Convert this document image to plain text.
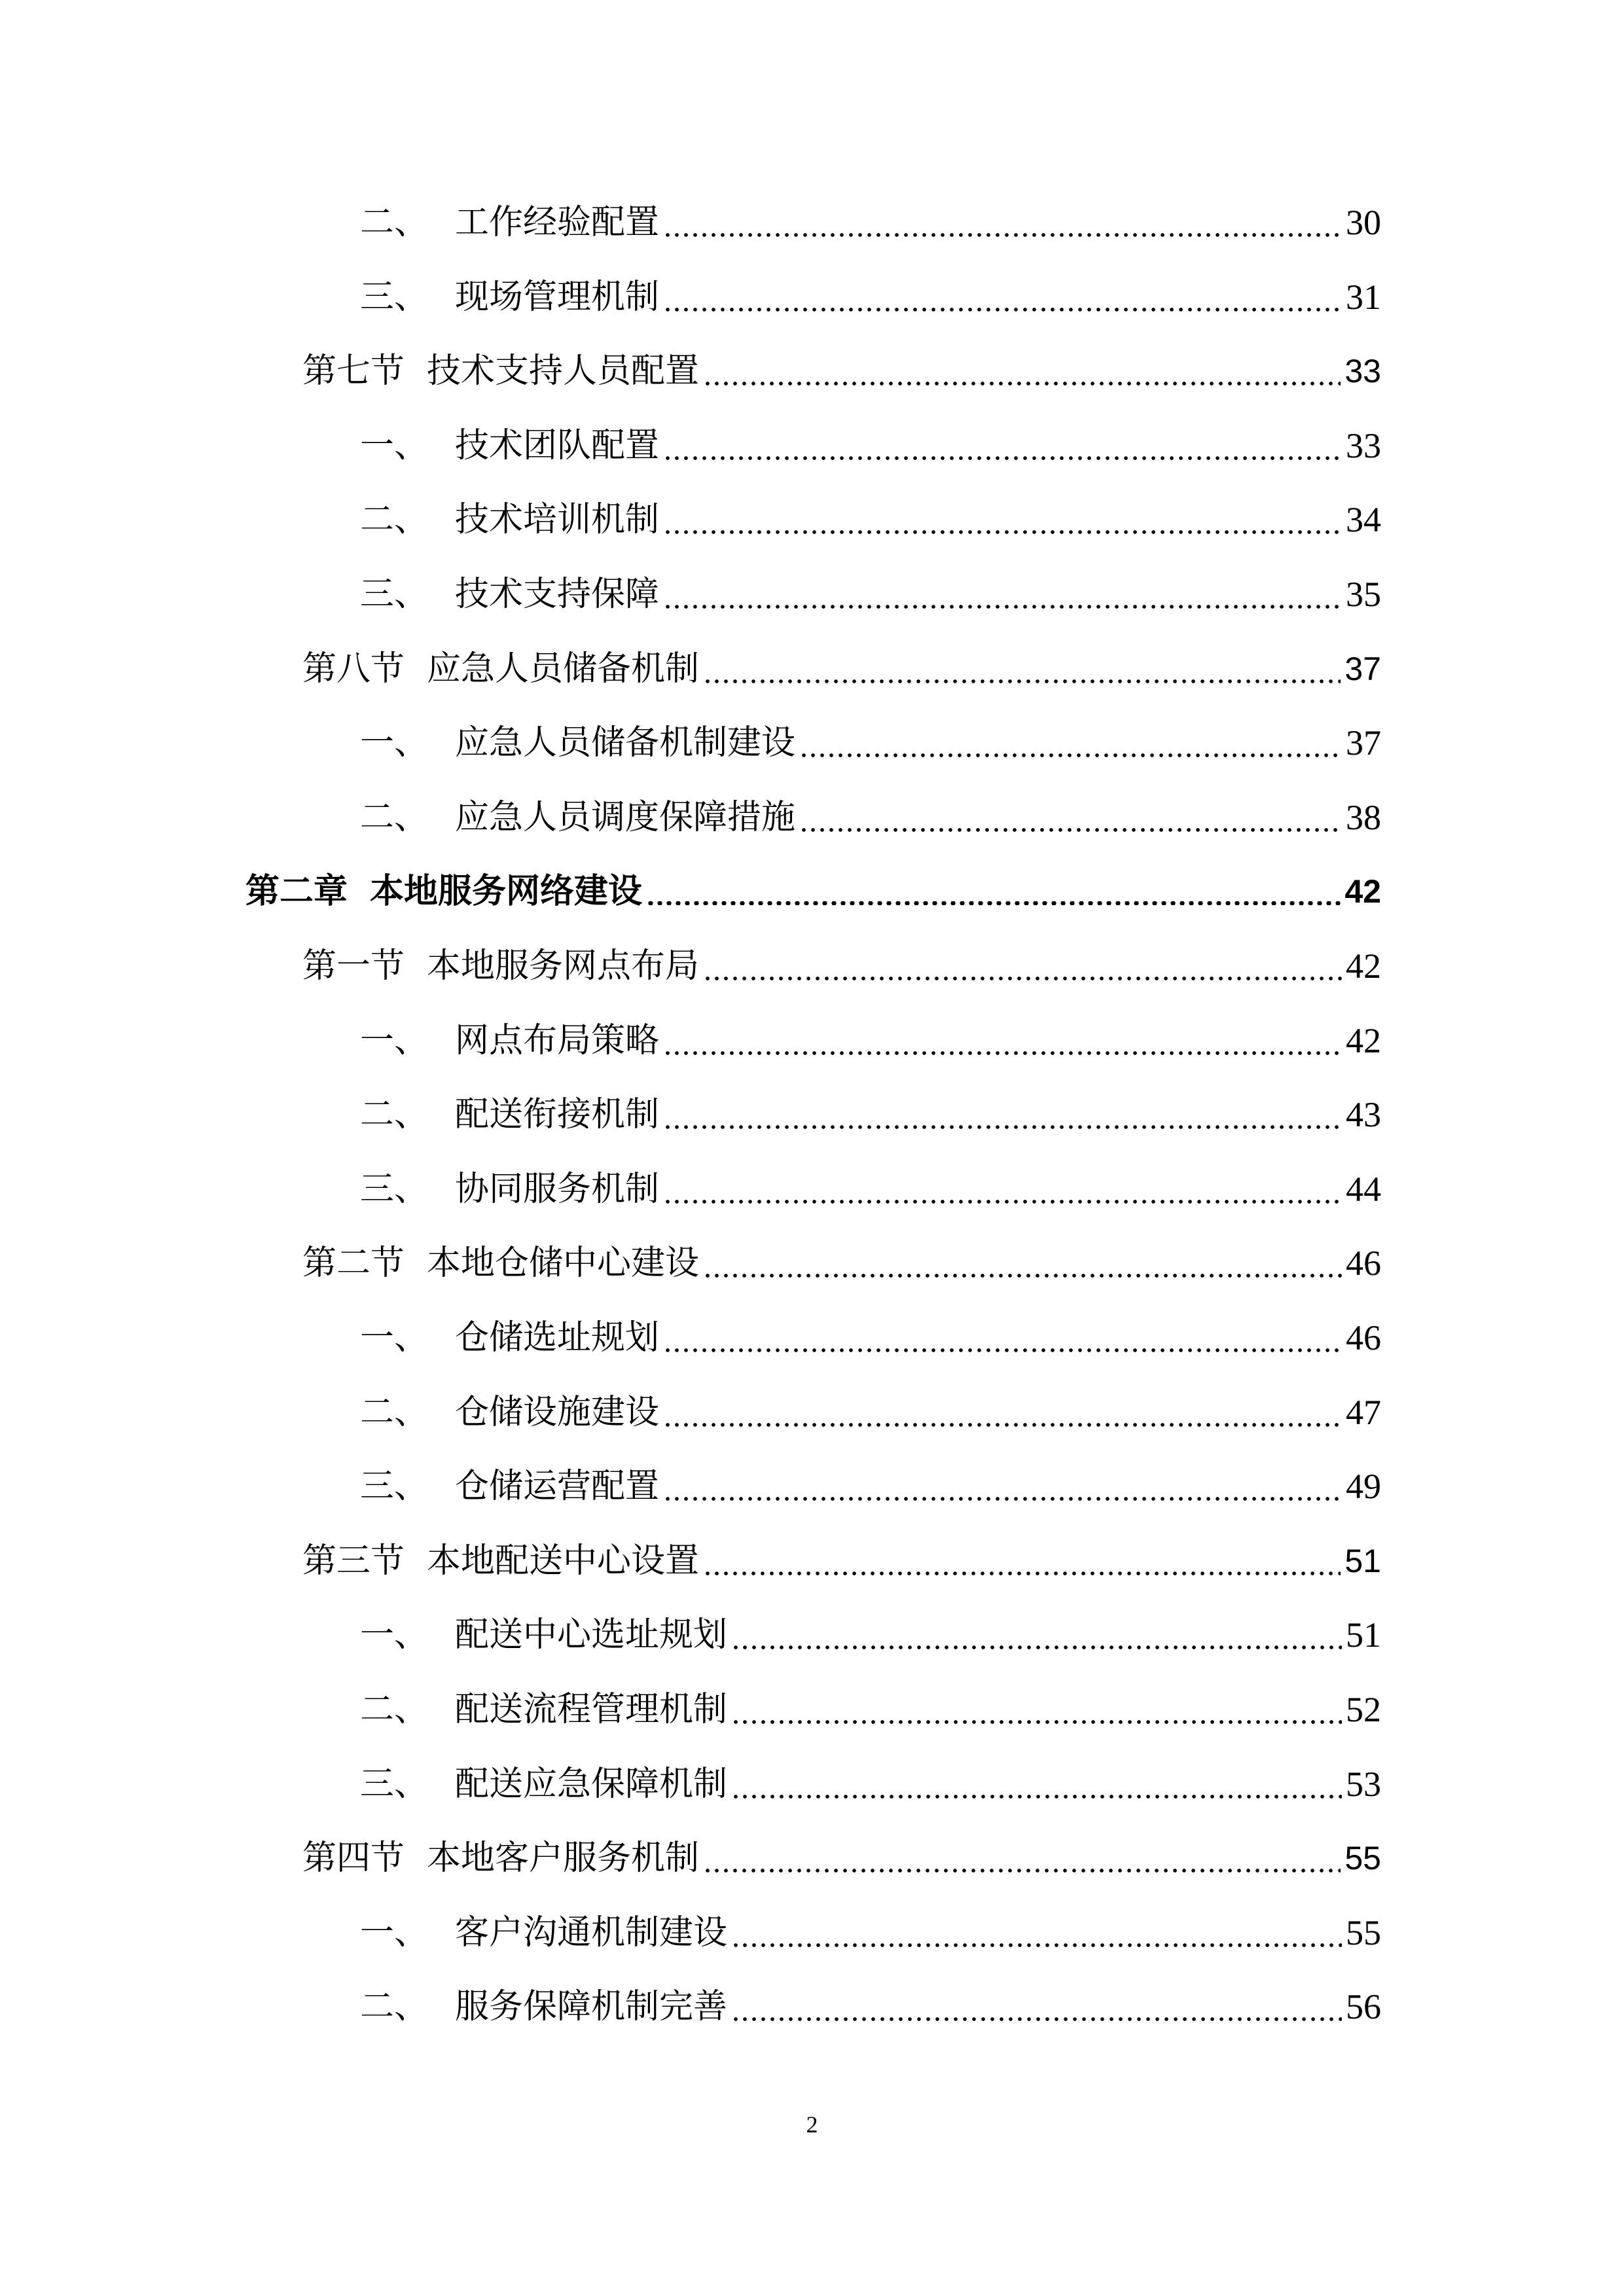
二、 工作经验配置	30
三、 现场管理机制	31
第七节 技术支持人员配置	33
一、 技术团队配置	33
二、 技术培训机制	34
三、 技术支持保障	35
第八节 应急人员储备机制	37
一、 应急人员储备机制建设	37
二、 应急人员调度保障措施	38
第二章 本地服务网络建设	42
第一节 本地服务网点布局	42
一、 网点布局策略	42
二、 配送衔接机制	43
三、 协同服务机制	44
第二节 本地仓储中心建设	46
一、 仓储选址规划	46
二、 仓储设施建设	47
三、 仓储运营配置	49
第三节 本地配送中心设置	51
一、 配送中心选址规划	51
二、 配送流程管理机制	52
三、 配送应急保障机制	53
第四节 本地客户服务机制	55
一、 客户沟通机制建设	55
二、 服务保障机制完善	56
2
